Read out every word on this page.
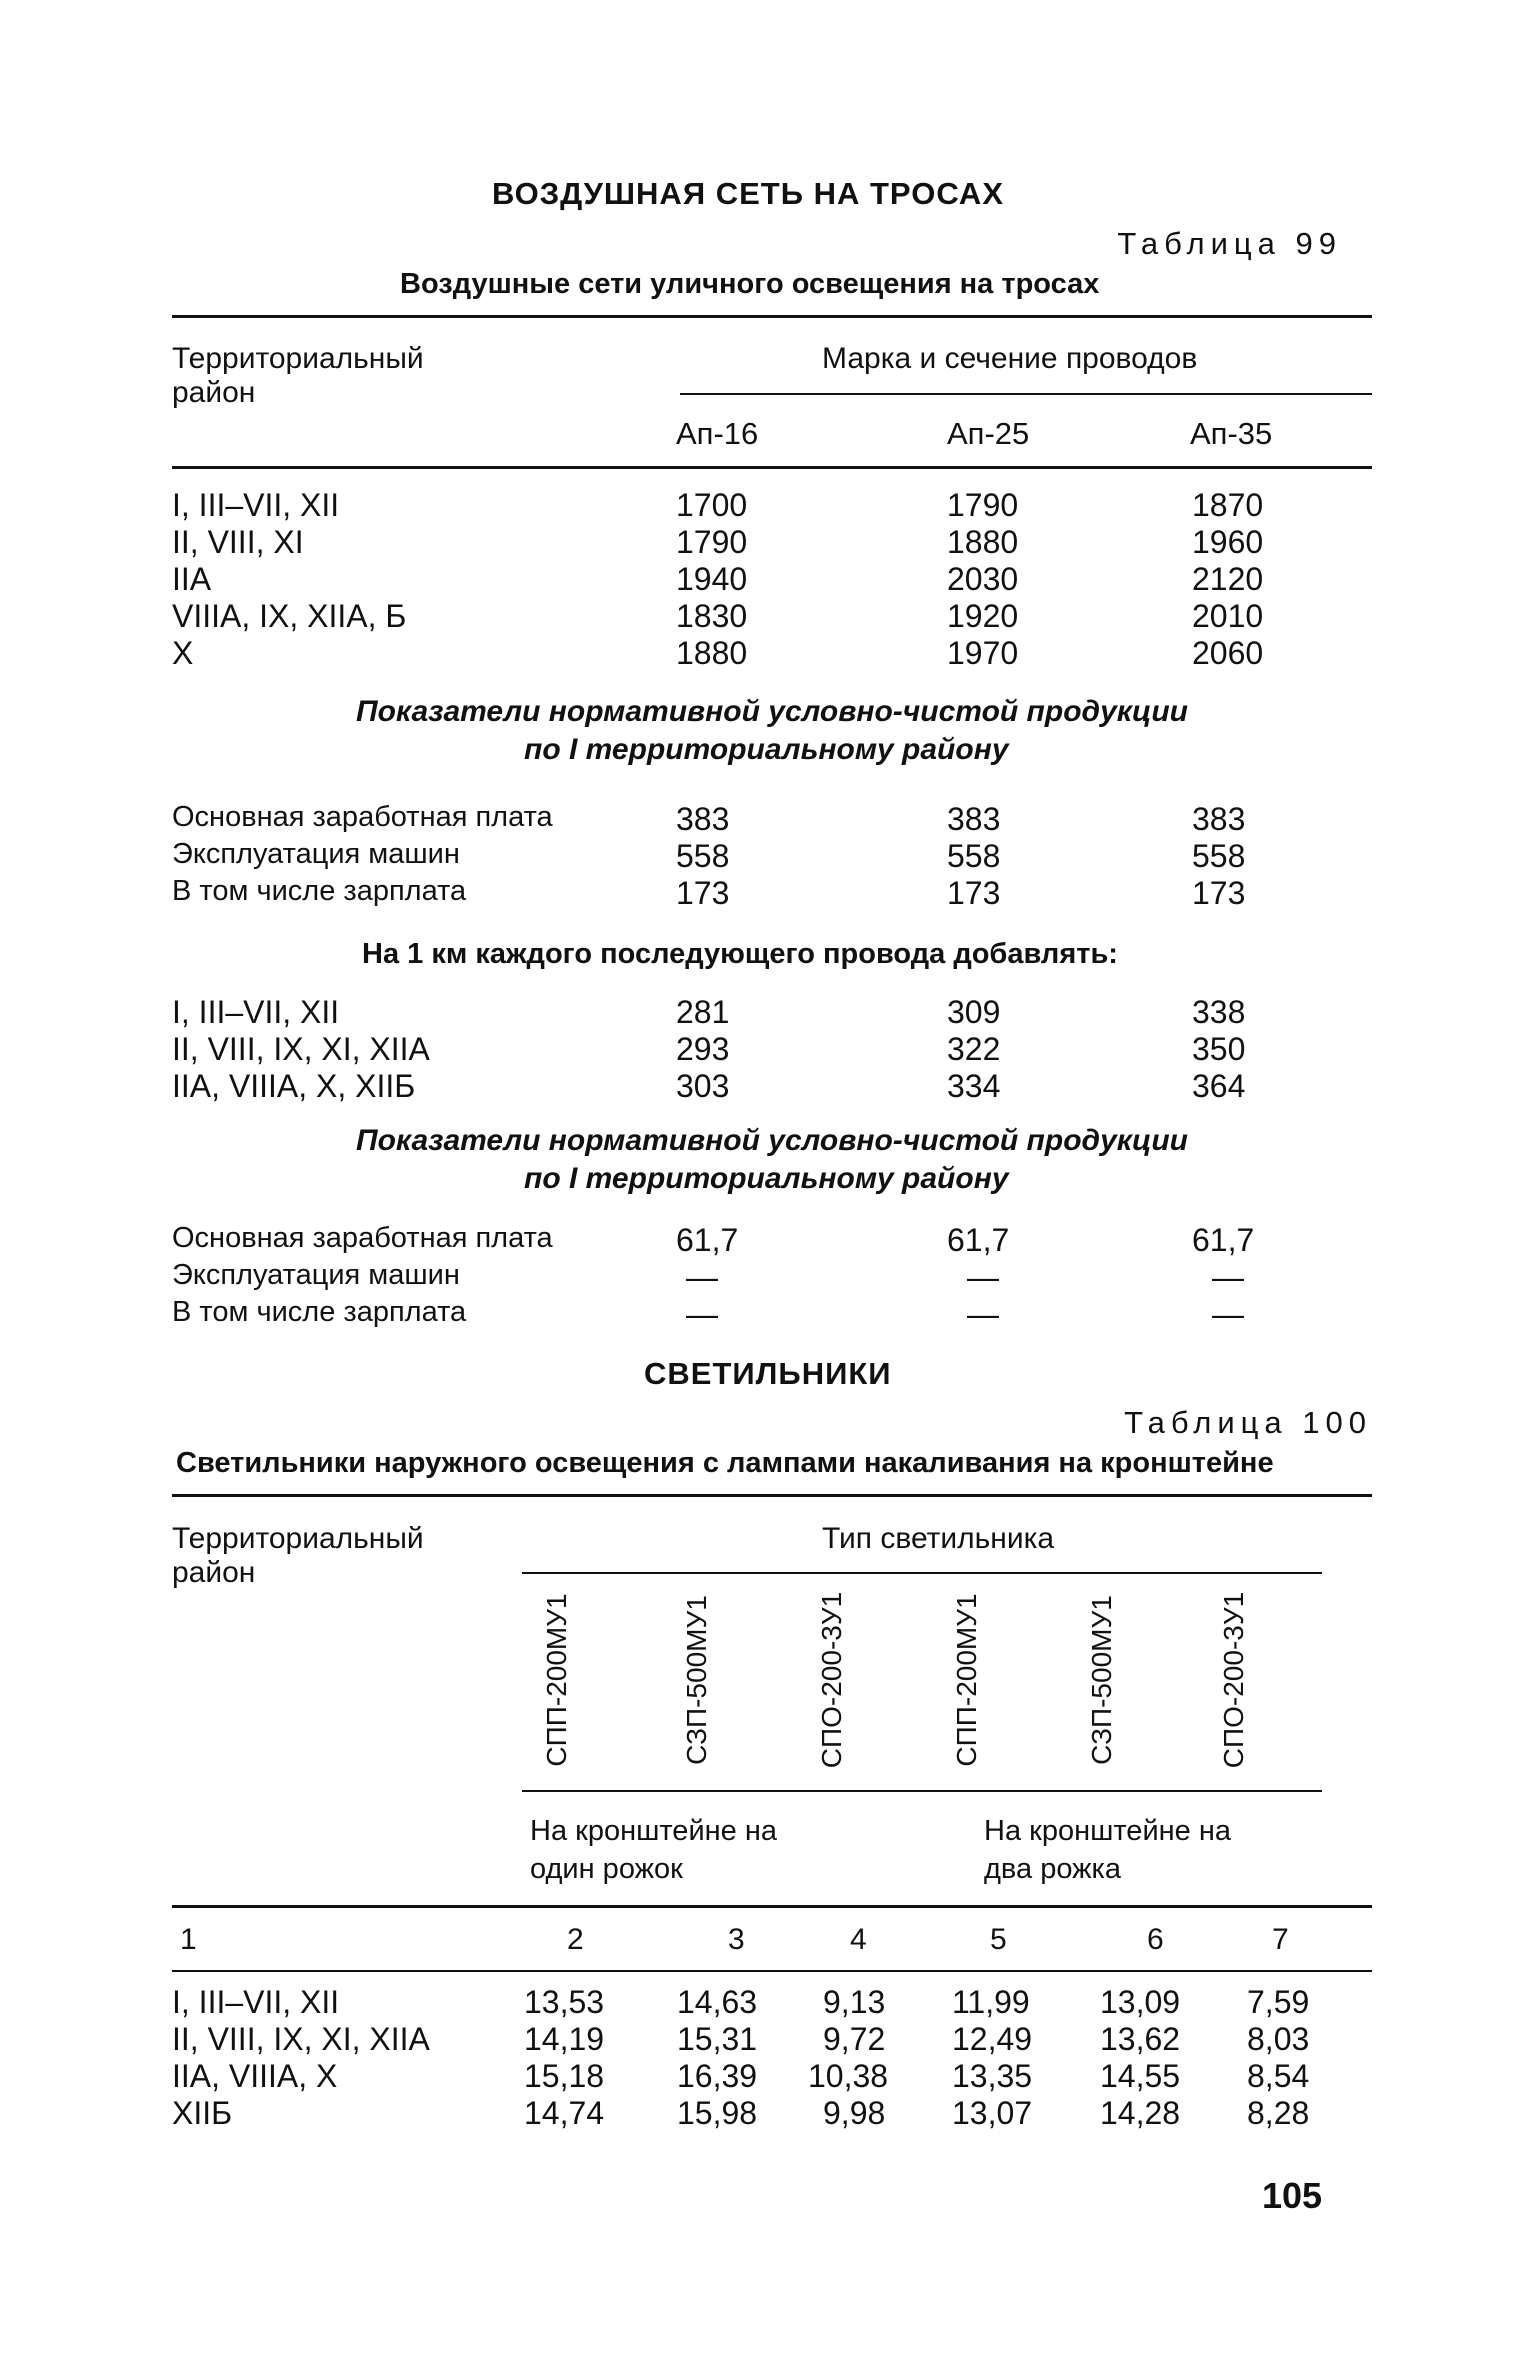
ВОЗДУШНАЯ СЕТЬ НА ТРОСАХ
Таблица 99
Воздушные сети уличного освещения на тросах
Территориальный район
Марка и сечение проводов
Ап-16	Ап-25	Ап-35
I, III–VII, XII	1700	1790	1870
II, VIII, XI	1790	1880	1960
IIA	1940	2030	2120
VIIIA, IX, XIIA, Б	1830	1920	2010
X	1880	1970	2060
Показатели нормативной условно-чистой продукции
по I территориальному району
Основная заработная плата	383	383	383
Эксплуатация машин	558	558	558
В том числе зарплата	173	173	173
На 1 км каждого последующего провода добавлять:
I, III–VII, XII	281	309	338
II, VIII, IX, XI, XIIA	293	322	350
IIA, VIIIA, X, XIIБ	303	334	364
Показатели нормативной условно-чистой продукции
по I территориальному району
Основная заработная плата	61,7	61,7	61,7
Эксплуатация машин	—	—	—
В том числе зарплата	—	—	—
СВЕТИЛЬНИКИ
Таблица 100
Светильники наружного освещения с лампами накаливания на кронштейне
Территориальный район
Тип светильника
СПП-200МУ1	СЗП-500МУ1	СПО-200-3У1	СПП-200МУ1	СЗП-500МУ1	СПО-200-3У1
На кронштейне на один рожок
На кронштейне на два рожка
1	2	3	4	5	6	7
I, III–VII, XII	13,53 14,63 9,13 11,99 13,09 7,59
II, VIII, IX, XI, XIIA	14,19 15,31 9,72 12,49 13,62 8,03
IIA, VIIIA, X	15,18 16,39 10,38 13,35 14,55 8,54
XIIБ	14,74 15,98 9,98 13,07 14,28 8,28
105
